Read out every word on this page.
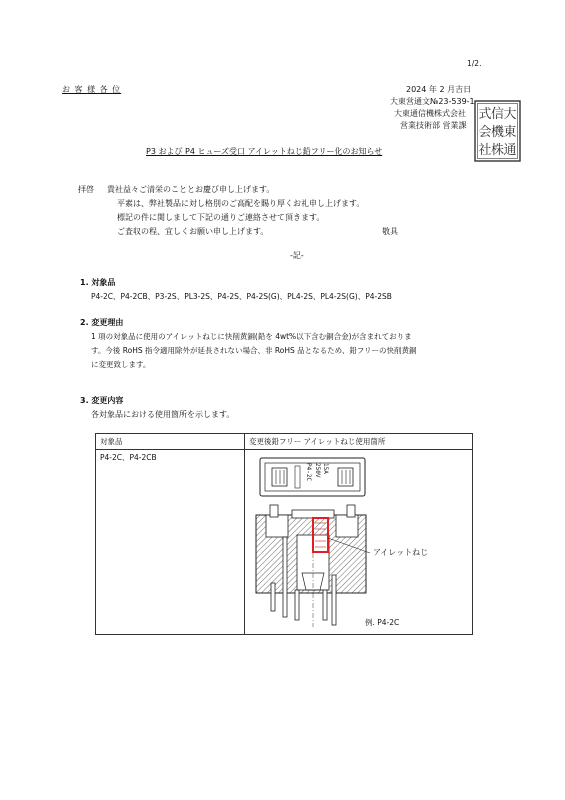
1/2.
お 客 様 各 位	2024 年 2 月吉日
大東営通文№23-539-1
大東通信機株式会社
営業技術部 営業課
大
東
通
信
機
株
式
会
社
P3 および P4 ヒューズ受口 アイレットねじ鉛フリー化のお知らせ
拝啓 貴社益々ご清栄のこととお慶び申し上げます。
平素は、弊社製品に対し格別のご高配を賜り厚くお礼申し上げます。
標記の件に関しまして下記の通りご連絡させて頂きます。
ご査収の程、宜しくお願い申し上げます。	敬具
-記-
1. 対象品
P4-2C、P4-2CB、P3-2S、PL3-2S、P4-2S、P4-2S(G)、PL4-2S、PL4-2S(G)、P4-2SB
2. 変更理由
1 項の対象品に使用のアイレットねじに快削黄銅(鉛を 4wt%以下含む銅合金)が含まれておりま
す。今後 RoHS 指令適用除外が延長されない場合、非 RoHS 品となるため、鉛フリーの快削黄銅
に変更致します。
3. 変更内容
各対象品における使用箇所を示します。
対象品	変更後鉛フリー アイレットねじ使用箇所
P4-2C、P4-2CB	
P4-2C 250V 15A
アイレットねじ
例. P4-2C
